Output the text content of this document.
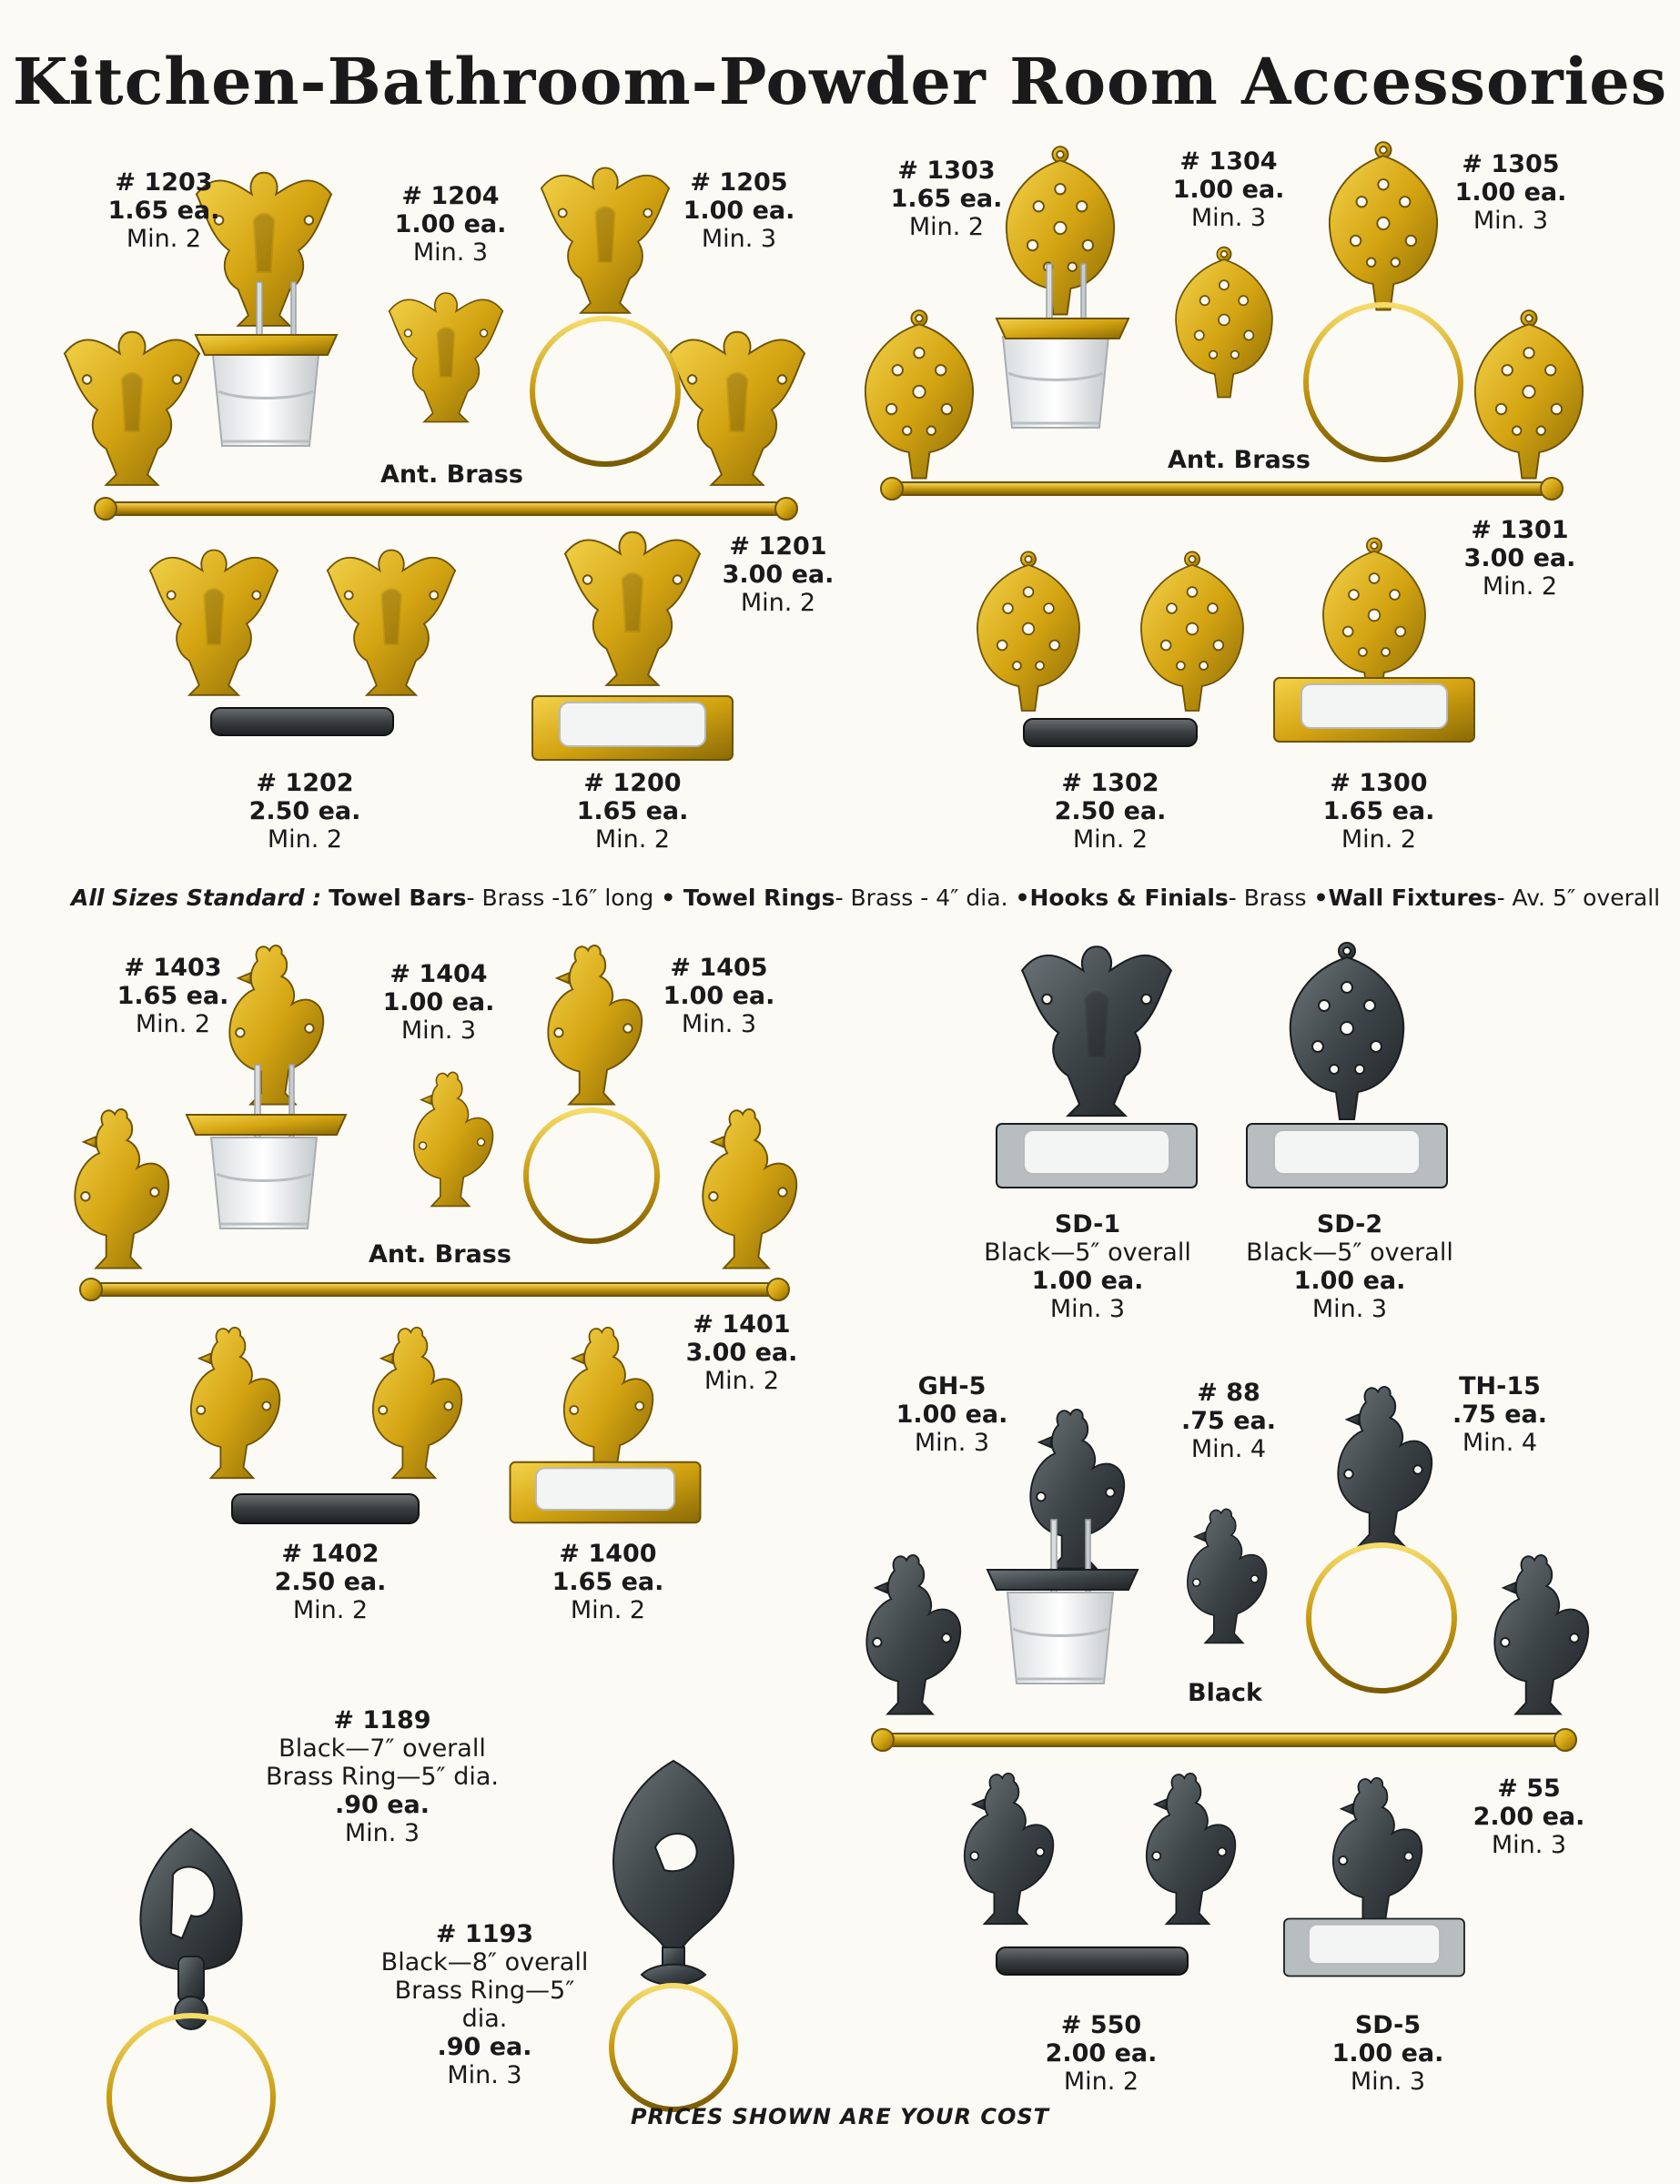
Kitchen-Bathroom-Powder Room Accessories
# 1203
1.65 ea.
Min. 2
# 1204
1.00 ea.
Min. 3
# 1205
1.00 ea.
Min. 3
Ant. Brass
# 1201
3.00 ea.
Min. 2
# 1202
2.50 ea.
Min. 2
# 1200
1.65 ea.
Min. 2
# 1303
1.65 ea.
Min. 2
# 1304
1.00 ea.
Min. 3
# 1305
1.00 ea.
Min. 3
Ant. Brass
# 1301
3.00 ea.
Min. 2
# 1302
2.50 ea.
Min. 2
# 1300
1.65 ea.
Min. 2
All Sizes Standard : Towel Bars- Brass -16″ long • Towel Rings- Brass - 4″ dia. •Hooks & Finials- Brass •Wall Fixtures- Av. 5″ overall
# 1403
1.65 ea.
Min. 2
# 1404
1.00 ea.
Min. 3
# 1405
1.00 ea.
Min. 3
Ant. Brass
# 1401
3.00 ea.
Min. 2
# 1402
2.50 ea.
Min. 2
# 1400
1.65 ea.
Min. 2
SD-1
Black—5″ overall
1.00 ea.
Min. 3
SD-2
Black—5″ overall
1.00 ea.
Min. 3
GH-5
1.00 ea.
Min. 3
# 88
.75 ea.
Min. 4
TH-15
.75 ea.
Min. 4
Black
# 55
2.00 ea.
Min. 3
# 550
2.00 ea.
Min. 2
SD-5
1.00 ea.
Min. 3
# 1189
Black—7″ overall
Brass Ring—5″ dia.
.90 ea.
Min. 3
# 1193
Black—8″ overall
Brass Ring—5″ dia.
.90 ea.
Min. 3
PRICES SHOWN ARE YOUR COST
